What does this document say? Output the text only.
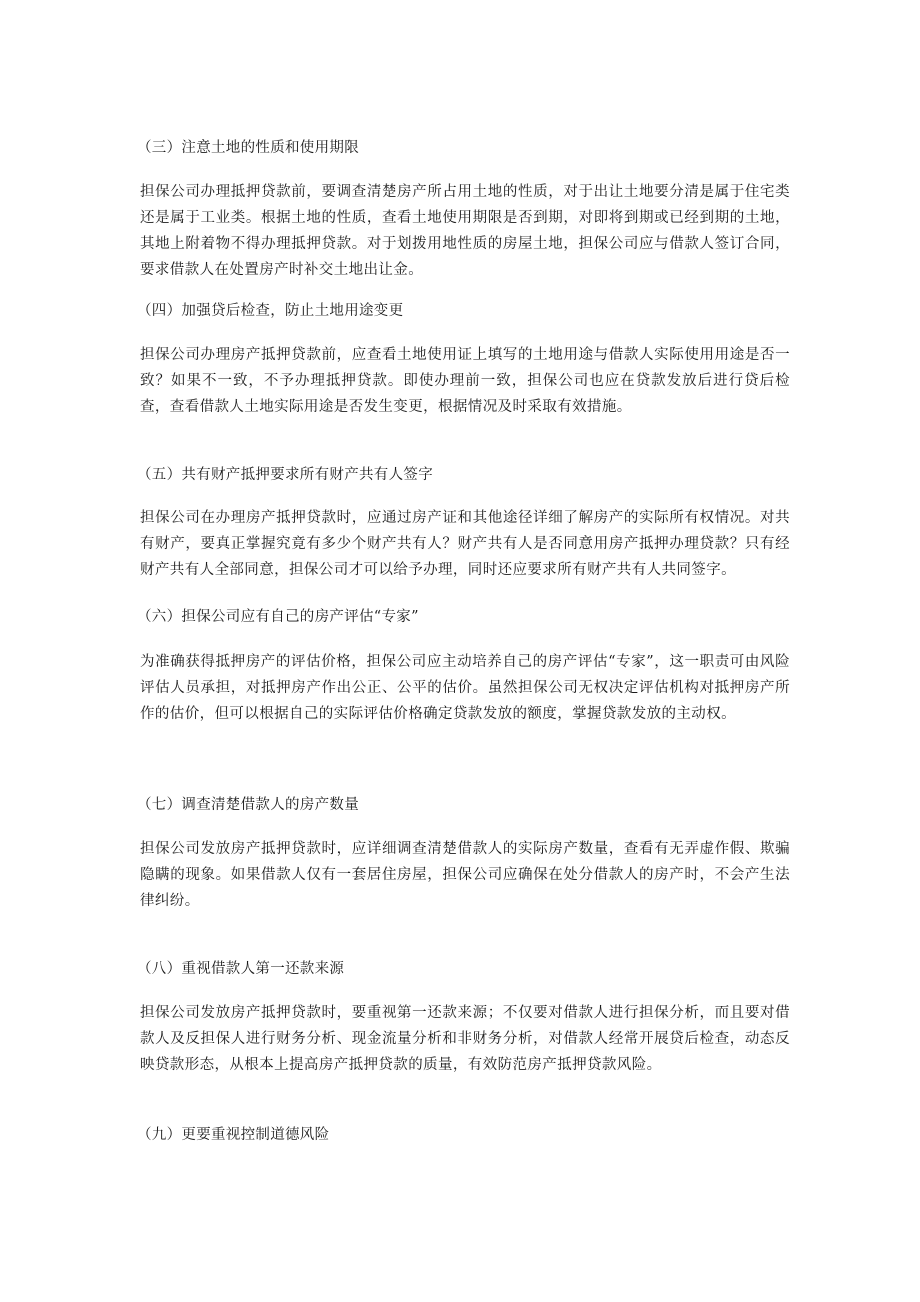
（三）注意土地的性质和使用期限
担保公司办理抵押贷款前，要调查清楚房产所占用土地的性质，对于出让土地要分清是属于住宅类还是属于工业类。根据土地的性质，查看土地使用期限是否到期，对即将到期或已经到期的土地，其地上附着物不得办理抵押贷款。对于划拨用地性质的房屋土地，担保公司应与借款人签订合同，要求借款人在处置房产时补交土地出让金。
（四）加强贷后检查，防止土地用途变更
担保公司办理房产抵押贷款前，应查看土地使用证上填写的土地用途与借款人实际使用用途是否一致？如果不一致，不予办理抵押贷款。即使办理前一致，担保公司也应在贷款发放后进行贷后检查，查看借款人土地实际用途是否发生变更，根据情况及时采取有效措施。
（五）共有财产抵押要求所有财产共有人签字
担保公司在办理房产抵押贷款时，应通过房产证和其他途径详细了解房产的实际所有权情况。对共有财产，要真正掌握究竟有多少个财产共有人？财产共有人是否同意用房产抵押办理贷款？只有经财产共有人全部同意，担保公司才可以给予办理，同时还应要求所有财产共有人共同签字。
（六）担保公司应有自己的房产评估“专家”
为准确获得抵押房产的评估价格，担保公司应主动培养自己的房产评估“专家”，这一职责可由风险评估人员承担，对抵押房产作出公正、公平的估价。虽然担保公司无权决定评估机构对抵押房产所作的估价，但可以根据自己的实际评估价格确定贷款发放的额度，掌握贷款发放的主动权。
（七）调查清楚借款人的房产数量
担保公司发放房产抵押贷款时，应详细调查清楚借款人的实际房产数量，查看有无弄虚作假、欺骗隐瞒的现象。如果借款人仅有一套居住房屋，担保公司应确保在处分借款人的房产时，不会产生法律纠纷。
（八）重视借款人第一还款来源
担保公司发放房产抵押贷款时，要重视第一还款来源；不仅要对借款人进行担保分析，而且要对借款人及反担保人进行财务分析、现金流量分析和非财务分析，对借款人经常开展贷后检查，动态反映贷款形态，从根本上提高房产抵押贷款的质量，有效防范房产抵押贷款风险。
（九）更要重视控制道德风险
